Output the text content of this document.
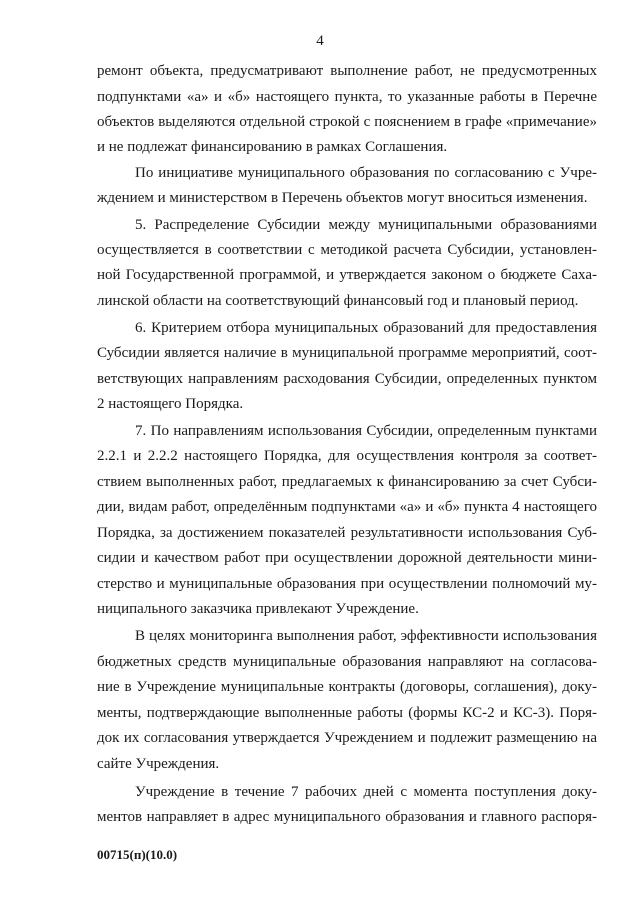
4
ремонт объекта, предусматривают выполнение работ, не предусмотренных
подпунктами «а» и «б» настоящего пункта, то указанные работы в Перечне
объектов выделяются отдельной строкой с пояснением в графе «примечание»
и не подлежат финансированию в рамках Соглашения.
По инициативе муниципального образования по согласованию с Учре-
ждением и министерством в Перечень объектов могут вноситься изменения.
5. Распределение Субсидии между муниципальными образованиями
осуществляется в соответствии с методикой расчета Субсидии, установлен-
ной Государственной программой, и утверждается законом о бюджете Саха-
линской области на соответствующий финансовый год и плановый период.
6. Критерием отбора муниципальных образований для предоставления
Субсидии является наличие в муниципальной программе мероприятий, соот-
ветствующих направлениям расходования Субсидии, определенных пунктом
2 настоящего Порядка.
7. По направлениям использования Субсидии, определенным пунктами
2.2.1 и 2.2.2 настоящего Порядка, для осуществления контроля за соответ-
ствием выполненных работ, предлагаемых к финансированию за счет Субси-
дии, видам работ, определённым подпунктами «а» и «б» пункта 4 настоящего
Порядка, за достижением показателей результативности использования Суб-
сидии и качеством работ при осуществлении дорожной деятельности мини-
стерство и муниципальные образования при осуществлении полномочий му-
ниципального заказчика привлекают Учреждение.
В целях мониторинга выполнения работ, эффективности использования
бюджетных средств муниципальные образования направляют на согласова-
ние в Учреждение муниципальные контракты (договоры, соглашения), доку-
менты, подтверждающие выполненные работы (формы КС-2 и КС-3). Поря-
док их согласования утверждается Учреждением и подлежит размещению на
сайте Учреждения.
Учреждение в течение 7 рабочих дней с момента поступления доку-
ментов направляет в адрес муниципального образования и главного распоря-
00715(п)(10.0)
